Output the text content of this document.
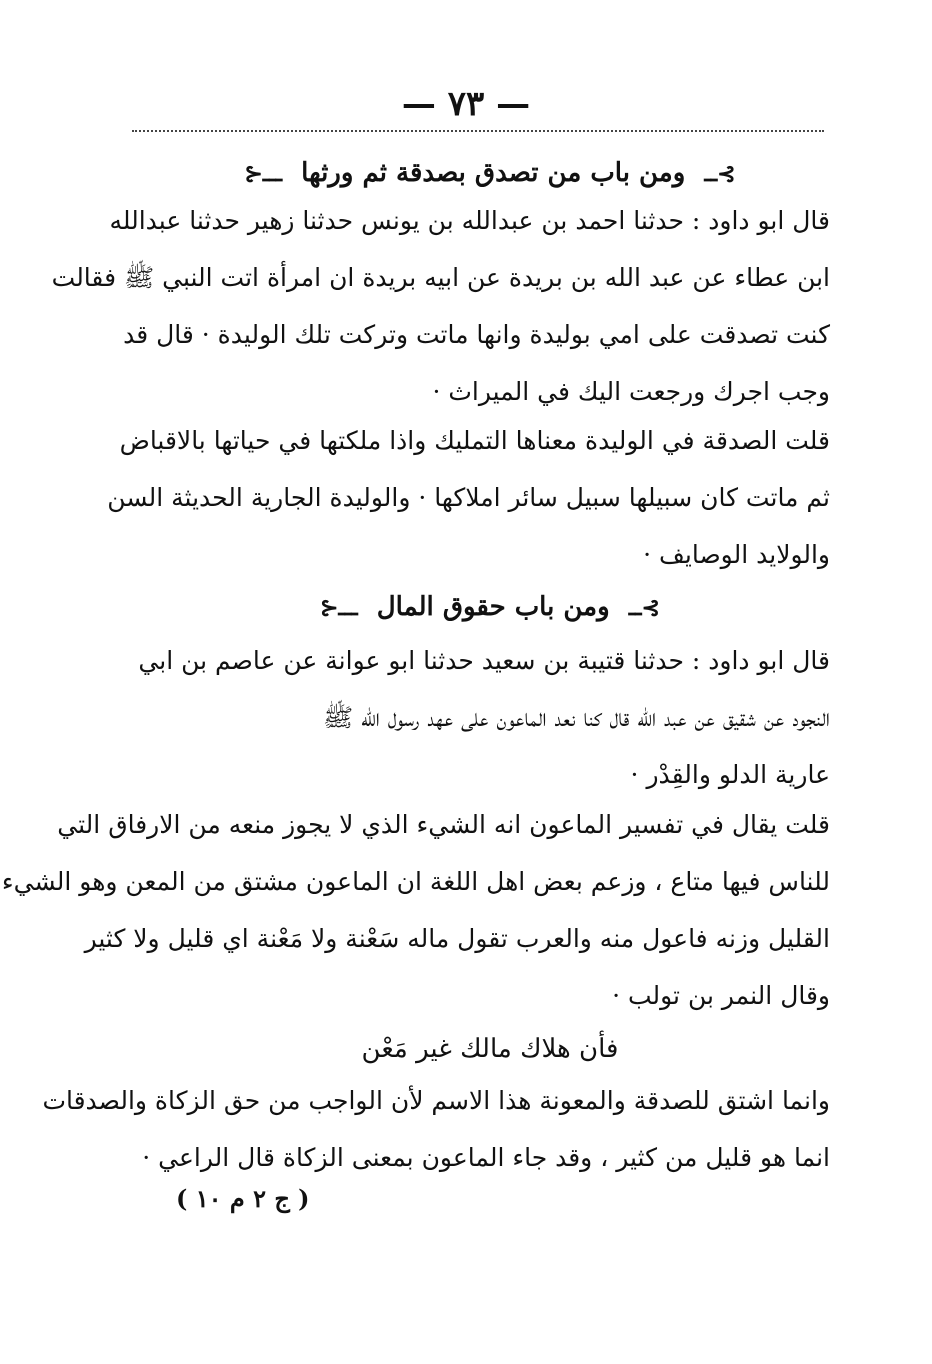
— ٧٣ —
⊱ــ ومن باب من تصدق بصدقة ثم ورثها ـــ⊰
قال ابو داود : حدثنا احمد بن عبدالله بن يونس حدثنا زهير حدثنا عبدالله
ابن عطاء عن عبد الله بن بريدة عن ابيه بريدة ان امرأة اتت النبي ﷺ فقالت
كنت تصدقت على امي بوليدة وانها ماتت وتركت تلك الوليدة · قال قد
وجب اجرك ورجعت اليك في الميراث ·
قلت الصدقة في الوليدة معناها التمليك واذا ملكتها في حياتها بالاقباض
ثم ماتت كان سبيلها سبيل سائر املاكها · والوليدة الجارية الحديثة السن
والولايد الوصايف ·
⊱ــ ومن باب حقوق المال ـــ⊰
قال ابو داود : حدثنا قتيبة بن سعيد حدثنا ابو عوانة عن عاصم بن ابي
النجود عن شقيق عن عبد الله قال كنا نعد الماعون على عهد رسول الله ﷺ
عارية الدلو والقِدْر ·
قلت يقال في تفسير الماعون انه الشيء الذي لا يجوز منعه من الارفاق التي
للناس فيها متاع ، وزعم بعض اهل اللغة ان الماعون مشتق من المعن وهو الشيء
القليل وزنه فاعول منه والعرب تقول ماله سَعْنة ولا مَعْنة اي قليل ولا كثير
وقال النمر بن تولب ·
فأن هلاك مالك غير مَعْن
وانما اشتق للصدقة والمعونة هذا الاسم لأن الواجب من حق الزكاة والصدقات
انما هو قليل من كثير ، وقد جاء الماعون بمعنى الزكاة قال الراعي ·
( ج ٢ م ١٠ )
